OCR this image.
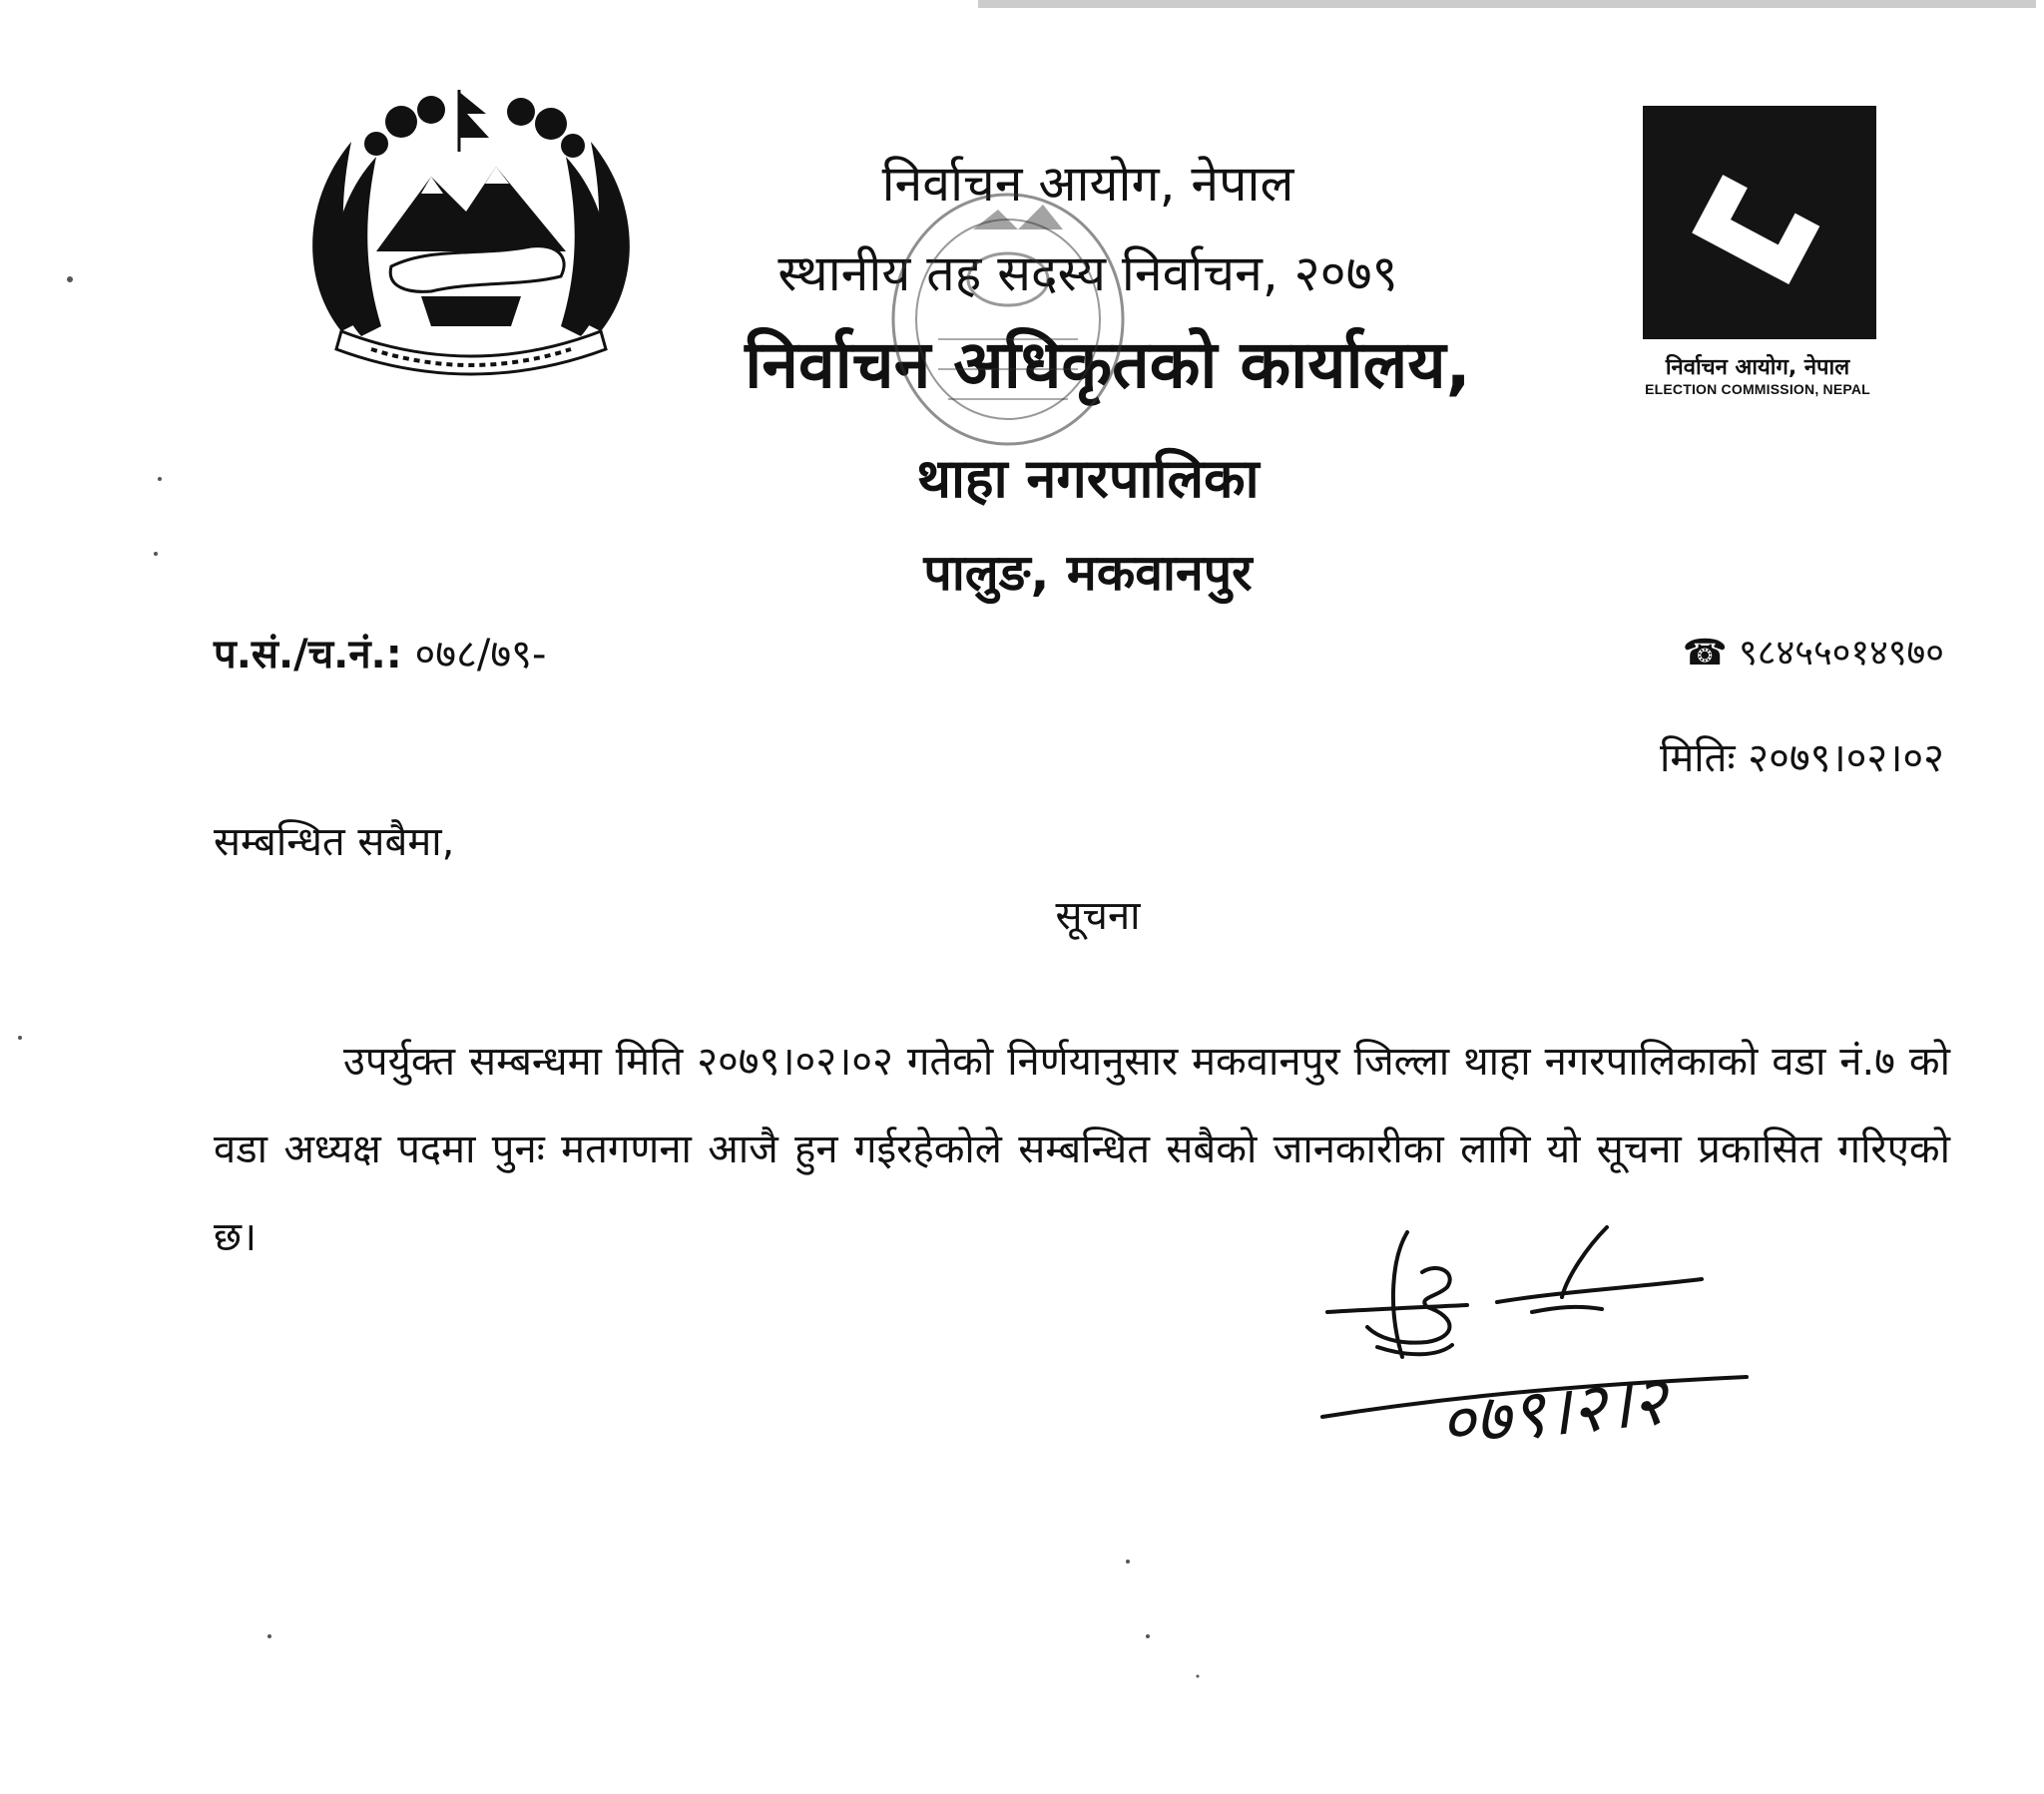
निर्वाचन आयोग, नेपाल
स्थानीय तह सदस्य निर्वाचन, २०७९
निर्वाचन अधिकृतको कार्यालय,
थाहा नगरपालिका
पालुङ, मकवानपुर
निर्वाचन आयोग, नेपाल
ELECTION COMMISSION, NEPAL
प.सं./च.नं.: ०७८/७९-	☎ ९८४५५०१४९७०
मितिः २०७९।०२।०२
सम्बन्धित सबैमा,
सूचना

उपर्युक्त सम्बन्धमा मिति २०७९।०२।०२ गतेको निर्णयानुसार मकवानपुर जिल्ला थाहा नगरपालिकाको वडा नं.७ को वडा अध्यक्ष पदमा पुनः मतगणना आजै हुन गईरहेकोले सम्बन्धित सबैको जानकारीका लागि यो सूचना प्रकासित गरिएको छ।

०७९।२।२
